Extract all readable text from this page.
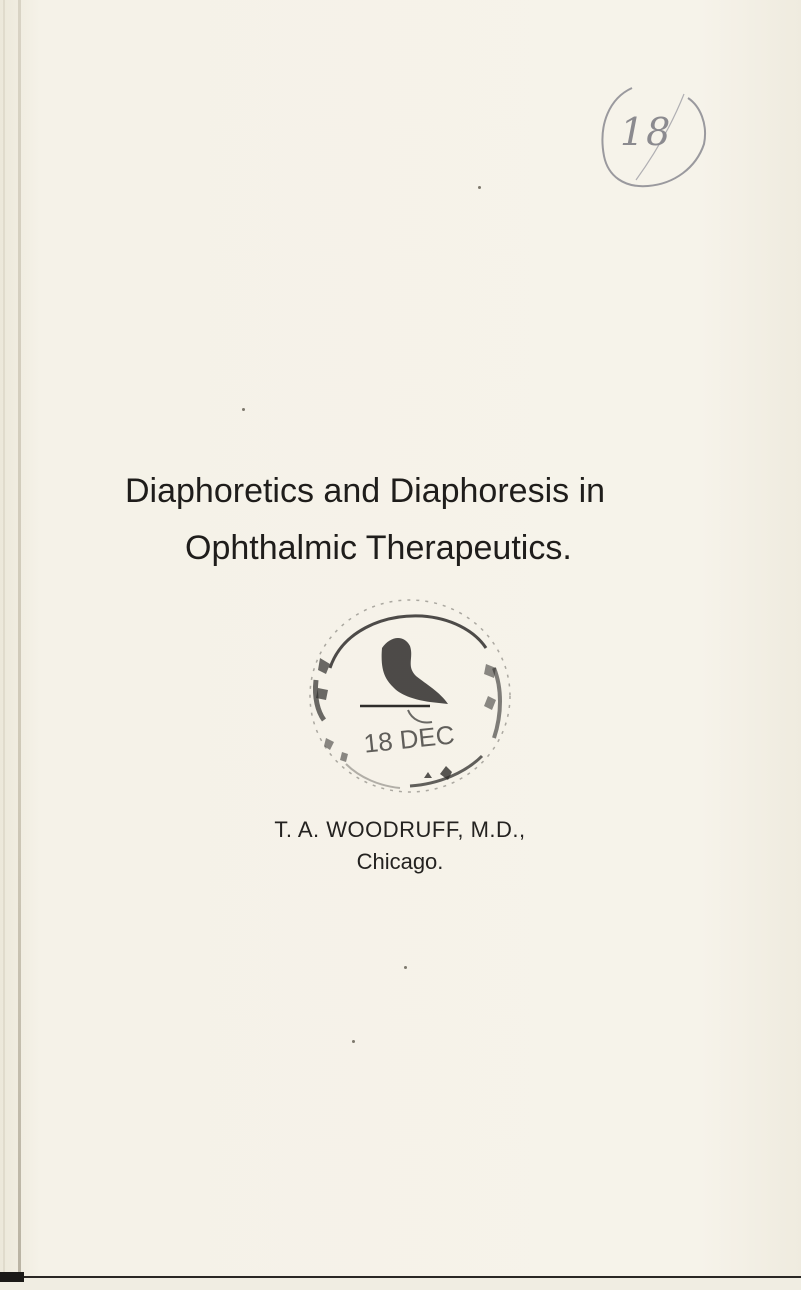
18
Diaphoretics and Diaphoresis in
Ophthalmic Therapeutics.
18 DEC
T. A. WOODRUFF, M.D.,
Chicago.
